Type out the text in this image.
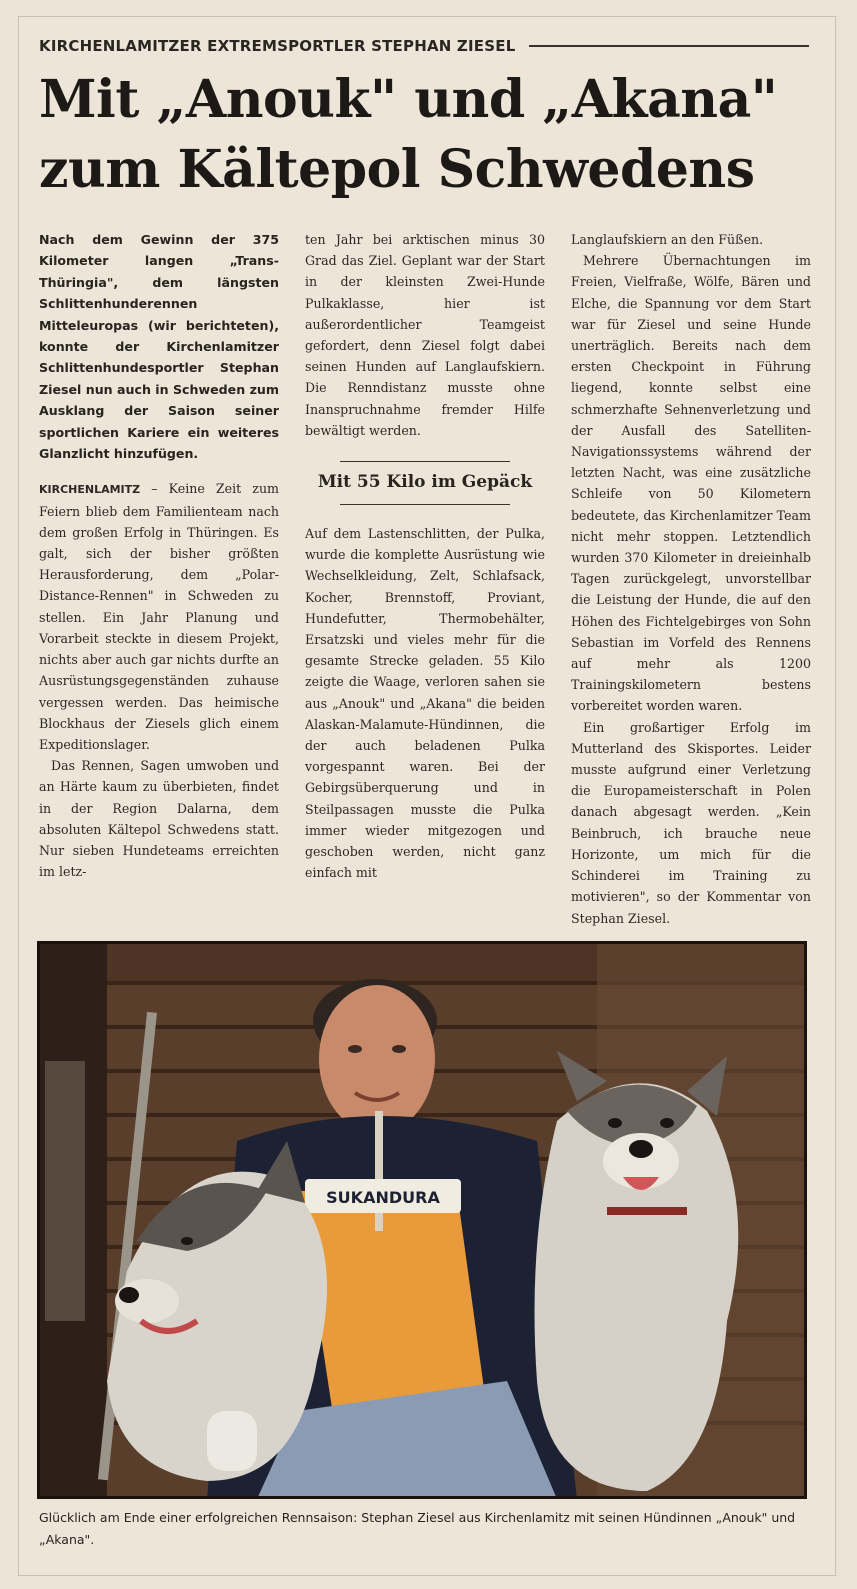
KIRCHENLAMITZER EXTREMSPORTLER STEPHAN ZIESEL
Mit „Anouk" und „Akana"
zum Kältepol Schwedens
Nach dem Gewinn der 375 Kilometer langen „Trans-Thüringia", dem längsten Schlittenhunderennen Mitteleuropas (wir berichteten), konnte der Kirchenlamitzer Schlittenhundesportler Stephan Ziesel nun auch in Schweden zum Ausklang der Saison seiner sportlichen Kariere ein weiteres Glanzlicht hinzufügen.

KIRCHENLAMITZ – Keine Zeit zum Feiern blieb dem Familienteam nach dem großen Erfolg in Thüringen. Es galt, sich der bisher größten Herausforderung, dem „Polar-Distance-Rennen" in Schweden zu stellen. Ein Jahr Planung und Vorarbeit steckte in diesem Projekt, nichts aber auch gar nichts durfte an Ausrüstungsgegenständen zuhause vergessen werden. Das heimische Blockhaus der Ziesels glich einem Expeditionslager.

Das Rennen, Sagen umwoben und an Härte kaum zu überbieten, findet in der Region Dalarna, dem absoluten Kältepol Schwedens statt. Nur sieben Hundeteams erreichten im letz-

ten Jahr bei arktischen minus 30 Grad das Ziel. Geplant war der Start in der kleinsten Zwei-Hunde Pulkaklasse, hier ist außerordentlicher Teamgeist gefordert, denn Ziesel folgt dabei seinen Hunden auf Langlaufskiern. Die Renndistanz musste ohne Inanspruchnahme fremder Hilfe bewältigt werden.

Mit 55 Kilo im Gepäck

Auf dem Lastenschlitten, der Pulka, wurde die komplette Ausrüstung wie Wechselkleidung, Zelt, Schlafsack, Kocher, Brennstoff, Proviant, Hundefutter, Thermobehälter, Ersatzski und vieles mehr für die gesamte Strecke geladen. 55 Kilo zeigte die Waage, verloren sahen sie aus „Anouk" und „Akana" die beiden Alaskan-Malamute-Hündinnen, die der auch beladenen Pulka vorgespannt waren. Bei der Gebirgsüberquerung und in Steilpassagen musste die Pulka immer wieder mitgezogen und geschoben werden, nicht ganz einfach mit

Langlaufskiern an den Füßen.

Mehrere Übernachtungen im Freien, Vielfraße, Wölfe, Bären und Elche, die Spannung vor dem Start war für Ziesel und seine Hunde unerträglich. Bereits nach dem ersten Checkpoint in Führung liegend, konnte selbst eine schmerzhafte Sehnenverletzung und der Ausfall des Satelliten-Navigationssystems während der letzten Nacht, was eine zusätzliche Schleife von 50 Kilometern bedeutete, das Kirchenlamitzer Team nicht mehr stoppen. Letztendlich wurden 370 Kilometer in dreieinhalb Tagen zurückgelegt, unvorstellbar die Leistung der Hunde, die auf den Höhen des Fichtelgebirges von Sohn Sebastian im Vorfeld des Rennens auf mehr als 1200 Trainingskilometern bestens vorbereitet worden waren.

Ein großartiger Erfolg im Mutterland des Skisportes. Leider musste aufgrund einer Verletzung die Europameisterschaft in Polen danach abgesagt werden. „Kein Beinbruch, ich brauche neue Horizonte, um mich für die Schinderei im Training zu motivieren", so der Kommentar von Stephan Ziesel.

SUKANDURA
Glücklich am Ende einer erfolgreichen Rennsaison: Stephan Ziesel aus Kirchenlamitz mit seinen Hündinnen „Anouk" und „Akana".
